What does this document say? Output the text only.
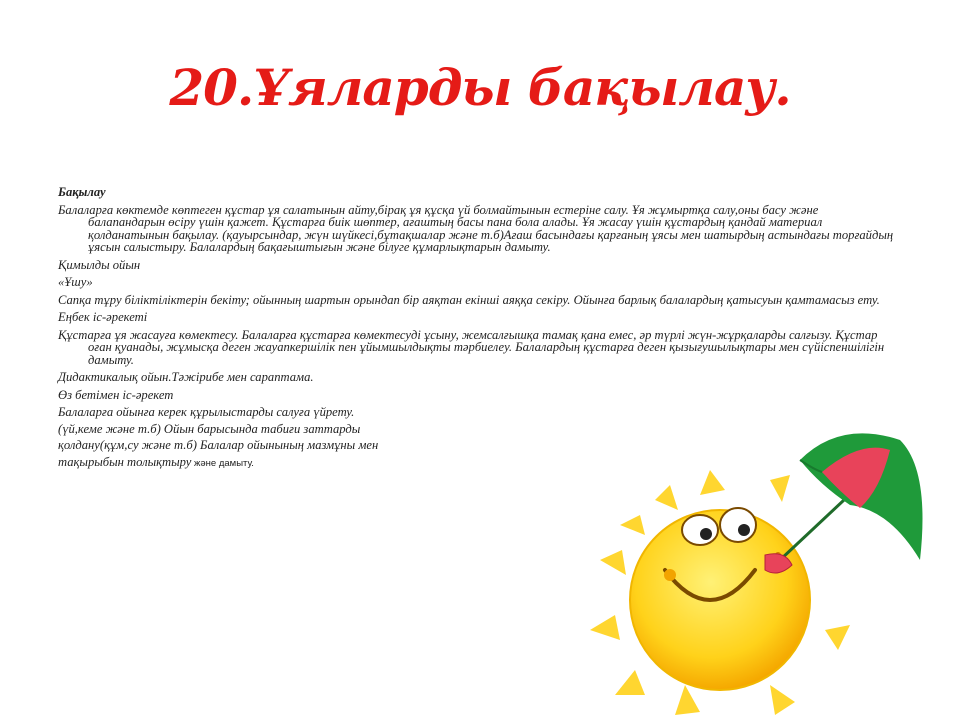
20.Ұяларды бақылау.

Бақылау

Балаларға көктемде көптеген құстар ұя салатынын айту,бірақ ұя құсқа үй болмайтынын естеріне салу. Ұя жұмыртқа салу,оны басу және балапандарын өсіру үшін қажет. Құстарға биік шөптер, ағаштың басы пана бола алады. Ұя жасау үшін құстардың қандай материал қолданатынын бақылау. (қауырсындар, жүн шүйкесі,бұтақшалар және т.б)Ағаш басындағы қарғаның ұясы мен шатырдың астындағы торғайдың ұясын салыстыру. Балалардың бақағыштығын және білуге құмарлықтарын дамыту.

Қимылды ойын

«Ұшу»

Сапқа тұру біліктіліктерін бекіту; ойынның шартын орындап бір аяқтан екінші аяққа секіру. Ойынға барлық балалардың қатысуын қамтамасыз ету.

Еңбек іс-әрекеті

Құстарға ұя жасауға көмектесу. Балаларға құстарға көмектесуді ұсыну, жемсалғышқа тамақ қана емес, әр түрлі жүн-жұрқаларды салғызу. Құстар оған қуанады, жұмысқа деген жауапкершілік пен ұйымшылдықты тәрбиелеу. Балалардың құстарға деген қызығушылықтары мен сүйіспеншілігін дамыту.

Дидактикалық ойын.Тәжірибе мен сараптама.

Өз бетімен іс-әрекет

Балаларға ойынға керек құрылыстарды салуға үйрету.

(үй,кеме және т.б) Ойын барысында табиғи заттарды

қолдану(құм,су және т.б) Балалар ойынының мазмұны мен

тақырыбын толықтыру және дамыту.
